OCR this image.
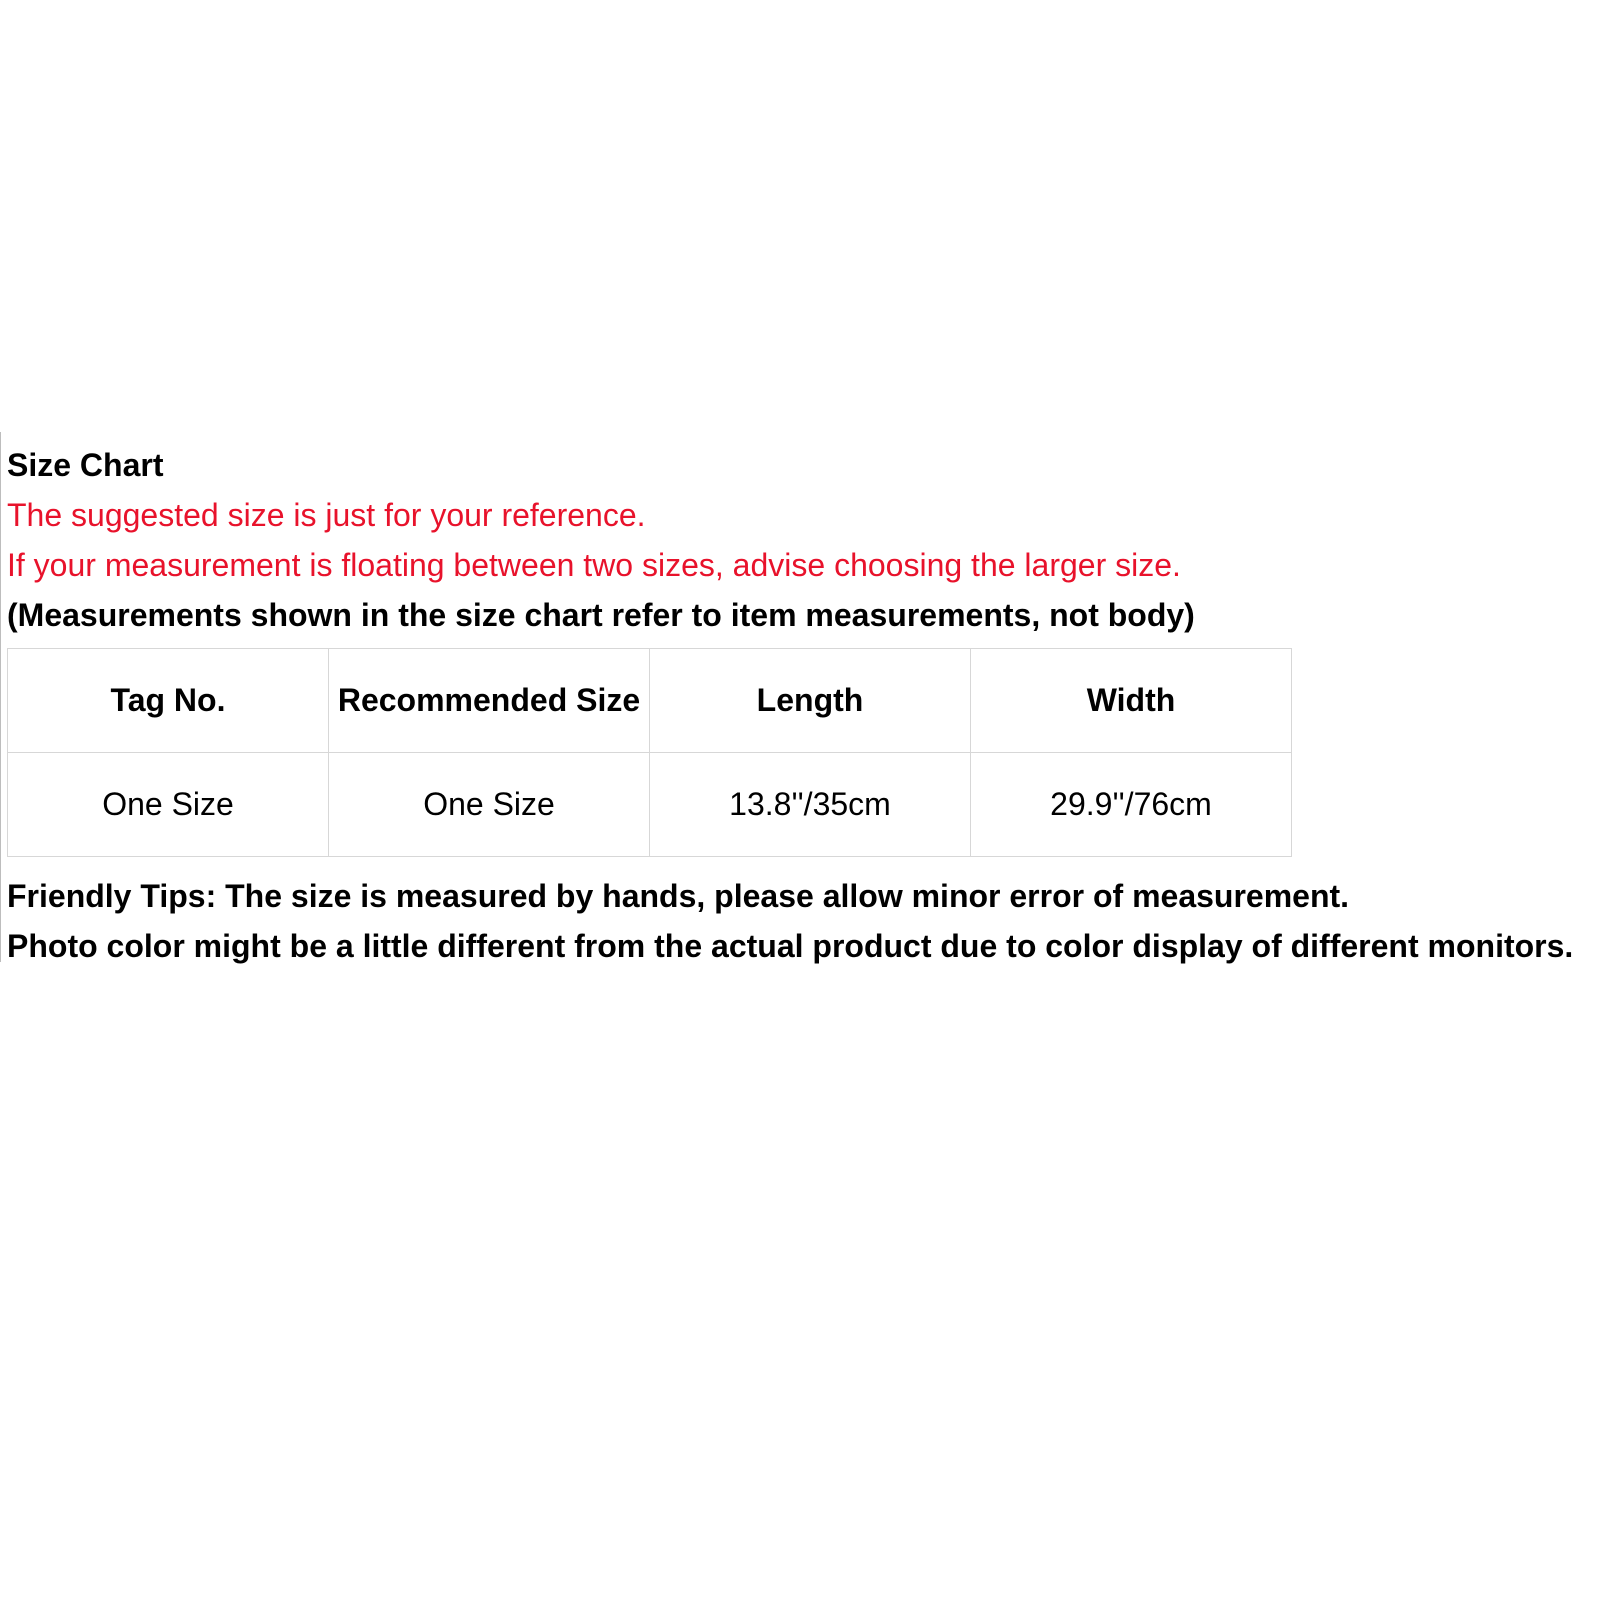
Size Chart

The suggested size is just for your reference.

If your measurement is floating between two sizes, advise choosing the larger size.

(Measurements shown in the size chart refer to item measurements, not body)

Tag No.	Recommended Size	Length	Width
One Size	One Size	13.8''/35cm	29.9''/76cm

Friendly Tips: The size is measured by hands, please allow minor error of measurement.

Photo color might be a little different from the actual product due to color display of different monitors.
